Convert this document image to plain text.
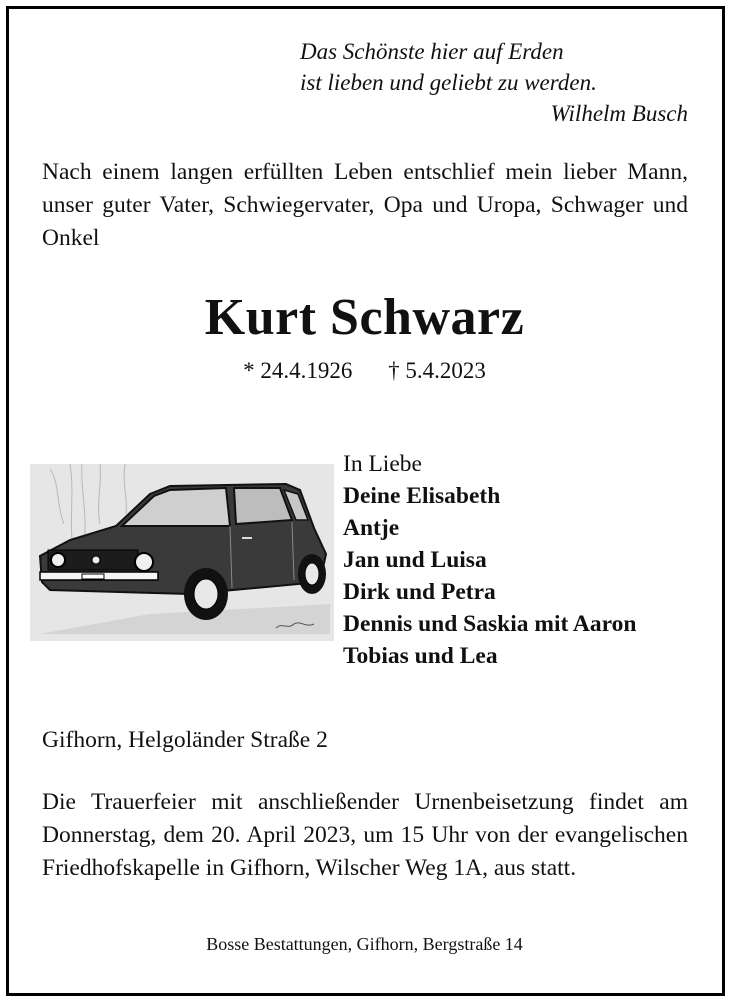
Das Schönste hier auf Erden
ist lieben und geliebt zu werden.
Wilhelm Busch
Nach einem langen erfüllten Leben entschlief mein lieber Mann, unser guter Vater, Schwiegervater, Opa und Uropa, Schwager und Onkel
Kurt Schwarz
* 24.4.1926 † 5.4.2023
In Liebe
Deine Elisabeth
Antje
Jan und Luisa
Dirk und Petra
Dennis und Saskia mit Aaron
Tobias und Lea
Gifhorn, Helgoländer Straße 2
Die Trauerfeier mit anschließender Urnenbeisetzung findet am Donnerstag, dem 20. April 2023, um 15 Uhr von der evangelischen Friedhofskapelle in Gifhorn, Wilscher Weg 1A, aus statt.
Bosse Bestattungen, Gifhorn, Bergstraße 14
